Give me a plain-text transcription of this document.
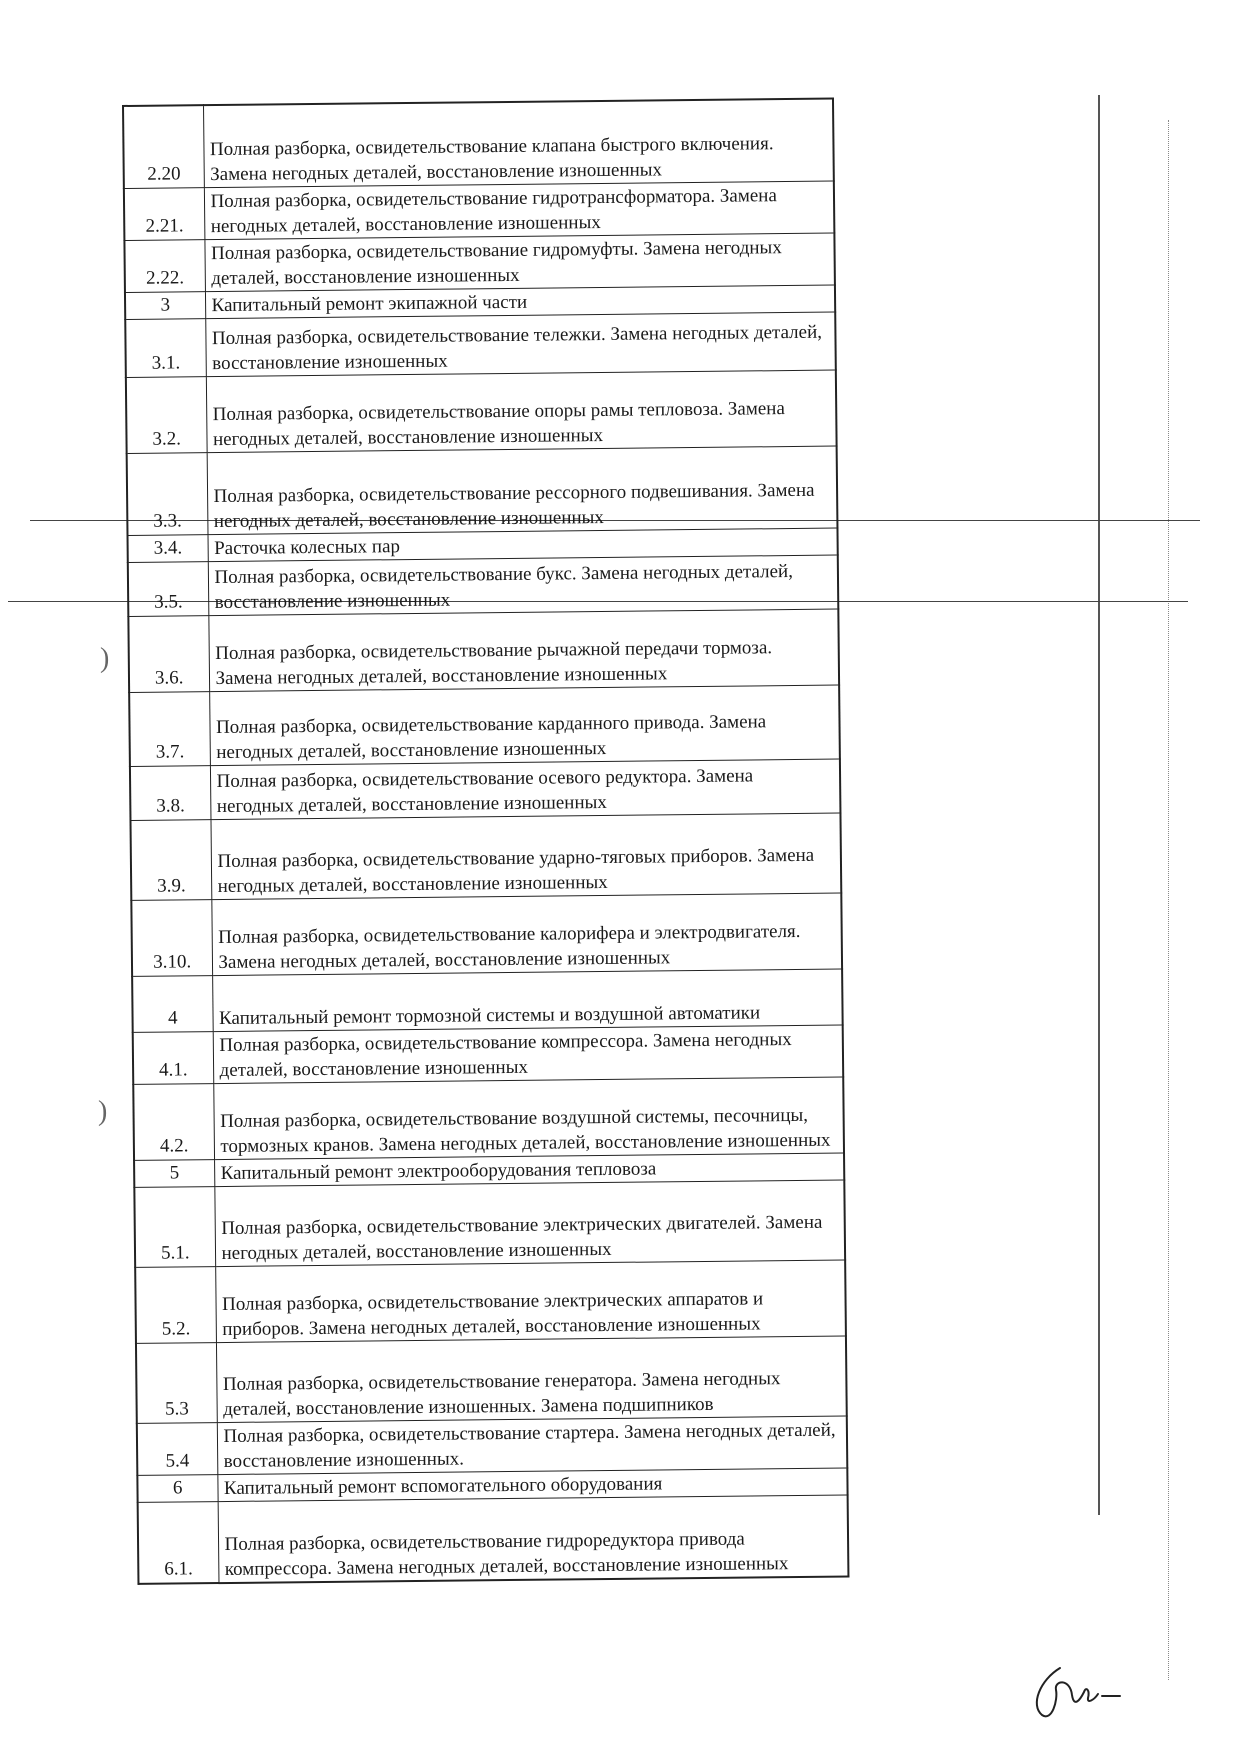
)
)
2.20	Полная разборка, освидетельствование клапана быстрого включения. Замена негодных деталей, восстановление изношенных
2.21.	Полная разборка, освидетельствование гидротрансформатора. Замена негодных деталей, восстановление изношенных
2.22.	Полная разборка, освидетельствование гидромуфты. Замена негодных деталей, восстановление изношенных
3	Капитальный ремонт экипажной части
3.1.	Полная разборка, освидетельствование тележки. Замена негодных деталей, восстановление изношенных
3.2.	Полная разборка, освидетельствование опоры рамы тепловоза. Замена негодных деталей, восстановление изношенных
3.3.	Полная разборка, освидетельствование рессорного подвешивания. Замена негодных деталей, восстановление изношенных
3.4.	Расточка колесных пар
3.5.	Полная разборка, освидетельствование букс. Замена негодных деталей, восстановление изношенных
3.6.	Полная разборка, освидетельствование рычажной передачи тормоза. Замена негодных деталей, восстановление изношенных
3.7.	Полная разборка, освидетельствование карданного привода. Замена негодных деталей, восстановление изношенных
3.8.	Полная разборка, освидетельствование осевого редуктора. Замена негодных деталей, восстановление изношенных
3.9.	Полная разборка, освидетельствование ударно-тяговых приборов. Замена негодных деталей, восстановление изношенных
3.10.	Полная разборка, освидетельствование калорифера и электродвигателя. Замена негодных деталей, восстановление изношенных
4	Капитальный ремонт тормозной системы и воздушной автоматики
4.1.	Полная разборка, освидетельствование компрессора. Замена негодных деталей, восстановление изношенных
4.2.	Полная разборка, освидетельствование воздушной системы, песочницы, тормозных кранов. Замена негодных деталей, восстановление изношенных
5	Капитальный ремонт электрооборудования тепловоза
5.1.	Полная разборка, освидетельствование электрических двигателей. Замена негодных деталей, восстановление изношенных
5.2.	Полная разборка, освидетельствование электрических аппаратов и приборов. Замена негодных деталей, восстановление изношенных
5.3	Полная разборка, освидетельствование генератора. Замена негодных деталей, восстановление изношенных. Замена подшипников
5.4	Полная разборка, освидетельствование стартера. Замена негодных деталей, восстановление изношенных.
6	Капитальный ремонт вспомогательного оборудования
6.1.	Полная разборка, освидетельствование гидроредуктора привода компрессора. Замена негодных деталей, восстановление изношенных
